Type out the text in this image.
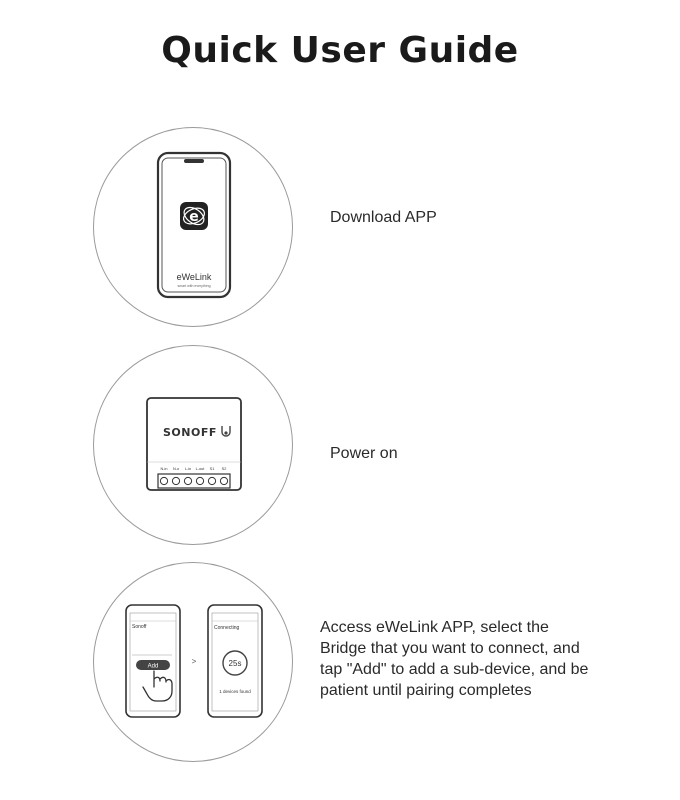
Quick User Guide
e
eWeLink
smart with everything
Download APP
SONOFF
N-in N-o L-in L-out S1 S2
Power on
Sonoff
Add
>
Connecting
25s
1 devices found
Access eWeLink APP, select the
Bridge that you want to connect, and
tap "Add" to add a sub-device, and be
patient until pairing completes
